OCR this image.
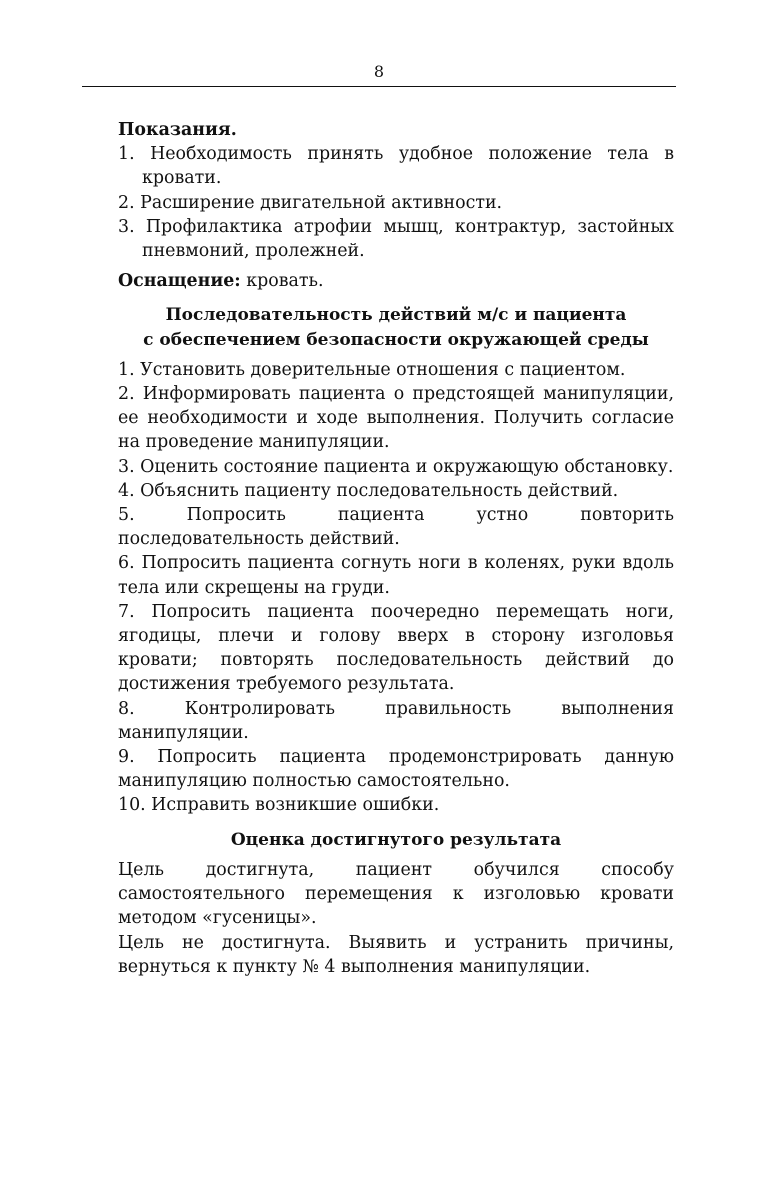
8

Показания.

1. Необходимость принять удобное положение тела в кровати.

2. Расширение двигательной активности.

3. Профилактика атрофии мышц, контрактур, застойных пневмоний, пролежней.

Оснащение: кровать.

Последовательность действий м/с и пациента

с обеспечением безопасности окружающей среды

1. Установить доверительные отношения с пациентом.

2. Информировать пациента о предстоящей манипуляции, ее необходимости и ходе выполнения. Получить согласие на проведение манипуляции.

3. Оценить состояние пациента и окружающую обстановку.

4. Объяснить пациенту последовательность действий.

5. Попросить пациента устно повторить последовательность действий.

6. Попросить пациента согнуть ноги в коленях, руки вдоль тела или скрещены на груди.

7. Попросить пациента поочередно перемещать ноги, ягодицы, плечи и голову вверх в сторону изголовья кровати; повторять последовательность действий до достижения требуемого результата.

8. Контролировать правильность выполнения манипуляции.

9. Попросить пациента продемонстрировать данную манипуляцию полностью самостоятельно.

10. Исправить возникшие ошибки.

Оценка достигнутого результата

Цель достигнута, пациент обучился способу самостоятельного перемещения к изголовью кровати методом «гусеницы».

Цель не достигнута. Выявить и устранить причины, вернуться к пункту № 4 выполнения манипуляции.
